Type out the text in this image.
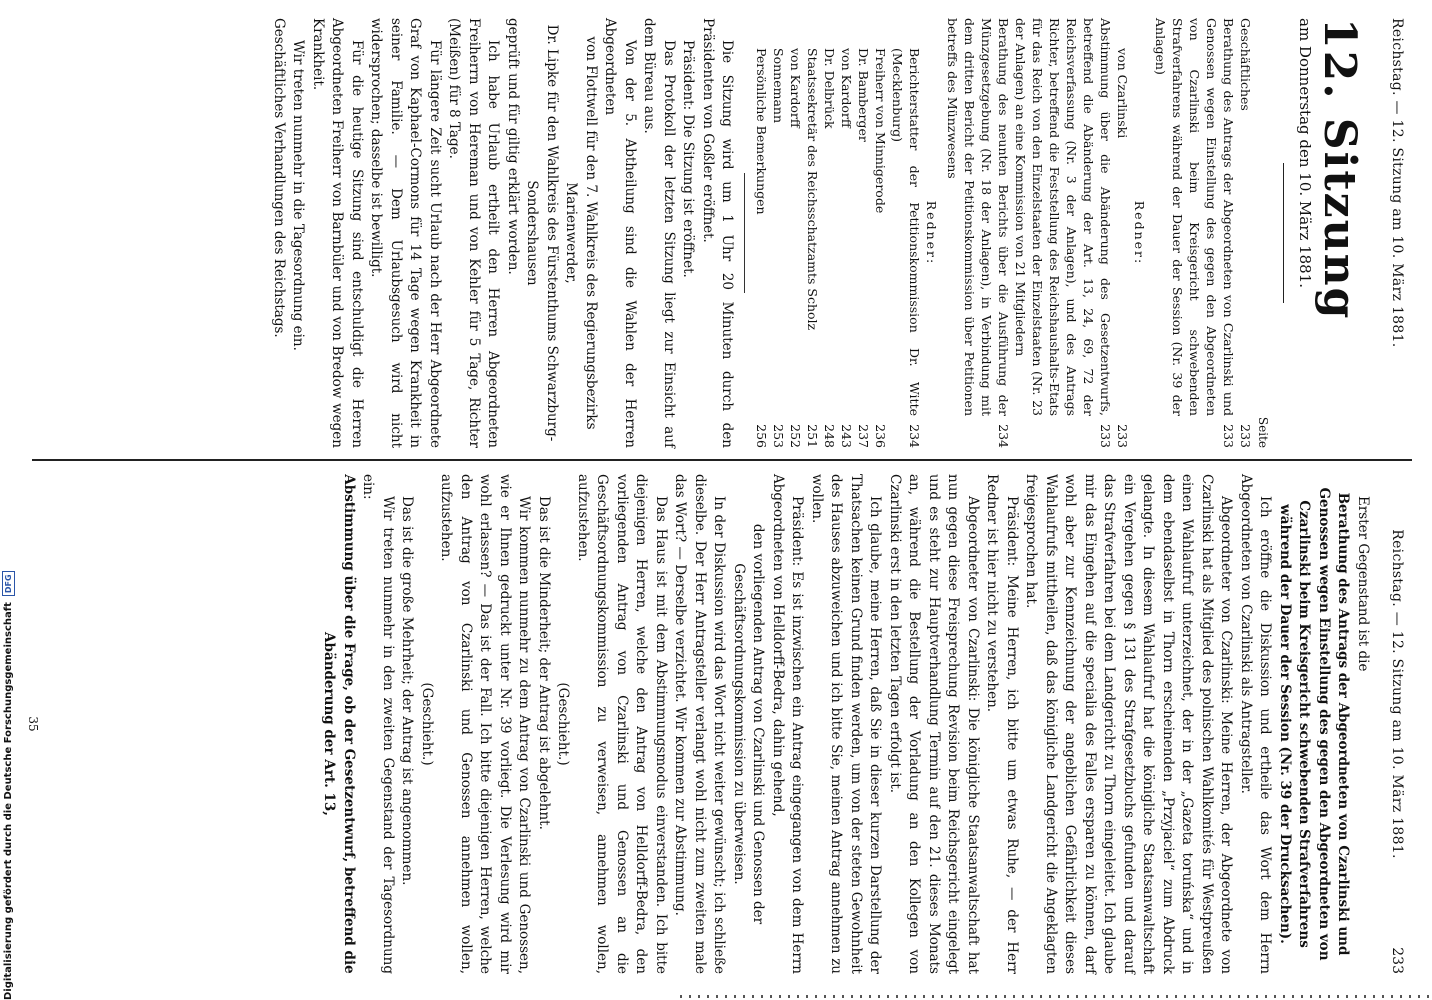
Reichstag. — 12. Sitzung am 10. März 1881.

12. Sitzung

am Donnerstag den 10. März 1881.

Seite

Geschäftliches
233

Berathung des Antrags der Abgeordneten von Czarlinski und Genossen wegen Einstellung des gegen den Abgeordneten von Czarlinski beim Kreisgericht schwebenden Strafverfahrens während der Dauer der Session (Nr. 39 der Anlagen)
233

Redner:

von Czarlinski
233

Abstimmung über die Abänderung des Gesetzentwurfs, betreffend die Abänderung der Art. 13, 24, 69, 72 der Reichsverfassung (Nr. 3 der Anlagen), und des Antrags Richter, betreffend die Feststellung des Reichshaushalts-Etats für das Reich von den Einzelstaaten der Einzelstaaten (Nr. 23 der Anlagen) an eine Kommission von 21 Mitgliedern
233

Berathung des neunten Berichts über die Ausführung der Münzgesetzgebung (Nr. 18 der Anlagen), in Verbindung mit dem dritten Bericht der Petitionskommission über Petitionen betreffs des Münzwesens
234

Redner:

Berichterstatter der Petitionskommission Dr. Witte (Mecklenburg)
234

Freiherr von Minnigerode
236

Dr. Bamberger
237

von Kardorff
243

Dr. Delbrück
248

Staatssekretär des Reichsschatzamts Scholz
251

von Kardorff
252

Sonnemann
253

Persönliche Bemerkungen
256

Die Sitzung wird um 1 Uhr 20 Minuten durch den Präsidenten von Goßler eröffnet.

Präsident: Die Sitzung ist eröffnet.

Das Protokoll der letzten Sitzung liegt zur Einsicht auf dem Büreau aus.

Von der 5. Abtheilung sind die Wahlen der Herren Abgeordneten

von Flottwell für den 7. Wahlkreis des Regierungsbezirks Marienwerder,

Dr. Lipke für den Wahlkreis des Fürstenthums Schwarzburg-Sondershausen

geprüft und für giltig erklärt worden.

Ich habe Urlaub ertheilt den Herren Abgeordneten Freiherrn von Hereman und von Kehler für 5 Tage, Richter (Meißen) für 8 Tage.

Für längere Zeit sucht Urlaub nach der Herr Abgeordnete Graf von Kaphael-Cormons für 14 Tage wegen Krankheit in seiner Familie. — Dem Urlaubsgesuch wird nicht widersprochen; dasselbe ist bewilligt.

Für die heutige Sitzung sind entschuldigt die Herren Abgeordneten Freiherr von Barnbüler und von Bredow wegen Krankheit.

Wir treten nunmehr in die Tagesordnung ein.

Geschäftliches Verhandlungen des Reichstags.

Reichstag. — 12. Sitzung am 10. März 1881.
233

Erster Gegenstand ist die

Berathung des Antrags der Abgeordneten von Czarlinski und Genossen wegen Einstellung des gegen den Abgeordneten von Czarlinski beim Kreisgericht schwebenden Strafverfahrens während der Dauer der Session (Nr. 39 der Drucksachen).

Ich eröffne die Diskussion und ertheile das Wort dem Herrn Abgeordneten von Czarlinski als Antragsteller.

Abgeordneter von Czarlinski: Meine Herren, der Abgeordnete von Czarlinski hat als Mitglied des polnischen Wahlkomités für Westpreußen einen Wahlaufruf unterzeichnet, der in der „Gazeta toruńska“ und in dem ebendaselbst in Thorn erscheinenden „Przyjaciel“ zum Abdruck gelangte. In diesem Wahlaufruf hat die königliche Staatsanwaltschaft ein Vergehen gegen § 131 des Strafgesetzbuchs gefunden und darauf das Strafverfahren bei dem Landgericht zu Thorn eingeleitet. Ich glaube mir das Eingehen auf die specialia des Falles ersparen zu können, darf wohl aber zur Kennzeichnung der angeblichen Gefährlichkeit dieses Wahlaufrufs mittheilen, daß das königliche Landgericht die Angeklagten freigesprochen hat.

Präsident: Meine Herren, ich bitte um etwas Ruhe, — der Herr Redner ist hier nicht zu verstehen.

Abgeordneter von Czarlinski: Die königliche Staatsanwaltschaft hat nun gegen diese Freisprechung Revision beim Reichsgericht eingelegt und es steht zur Hauptverhandlung Termin auf den 21. dieses Monats an, während die Bestellung der Vorladung an den Kollegen von Czarlinski erst in den letzten Tagen erfolgt ist.

Ich glaube, meine Herren, daß Sie in dieser kurzen Darstellung der Thatsachen keinen Grund finden werden, um von der steten Gewohnheit des Hauses abzuweichen und ich bitte Sie, meinen Antrag annehmen zu wollen.

Präsident: Es ist inzwischen ein Antrag eingegangen von dem Herrn Abgeordneten von Helldorff-Bedra, dahin gehend,

den vorliegenden Antrag von Czarlinski und Genossen der Geschäftsordnungskommission zu überweisen.

In der Diskussion wird das Wort nicht weiter gewünscht; ich schließe dieselbe. Der Herr Antragsteller verlangt wohl nicht zum zweiten male das Wort? — Derselbe verzichtet. Wir kommen zur Abstimmung.

Das Haus ist mit dem Abstimmungsmodus einverstanden. Ich bitte diejenigen Herren, welche den Antrag von Helldorff-Bedra, den vorliegenden Antrag von Czarlinski und Genossen an die Geschäftsordnungskommission zu verweisen, annehmen wollen, aufzustehen.

(Geschieht.)

Das ist die Minderheit; der Antrag ist abgelehnt.

Wir kommen nunmehr zu dem Antrag von Czarlinski und Genossen, wie er Ihnen gedruckt unter Nr. 39 vorliegt. Die Verlesung wird mir wohl erlassen? — Das ist der Fall. Ich bitte diejenigen Herren, welche den Antrag von Czarlinski und Genossen annehmen wollen, aufzustehen.

(Geschieht.)

Das ist die große Mehrheit; der Antrag ist angenommen.

Wir treten nunmehr in den zweiten Gegenstand der Tagesordnung ein:

Abstimmung über die Frage, ob der Gesetzentwurf, betreffend die Abänderung der Art. 13,

35
Digitalisierung gefördert durch die Deutsche ForschungsgemeinschaftDFG
